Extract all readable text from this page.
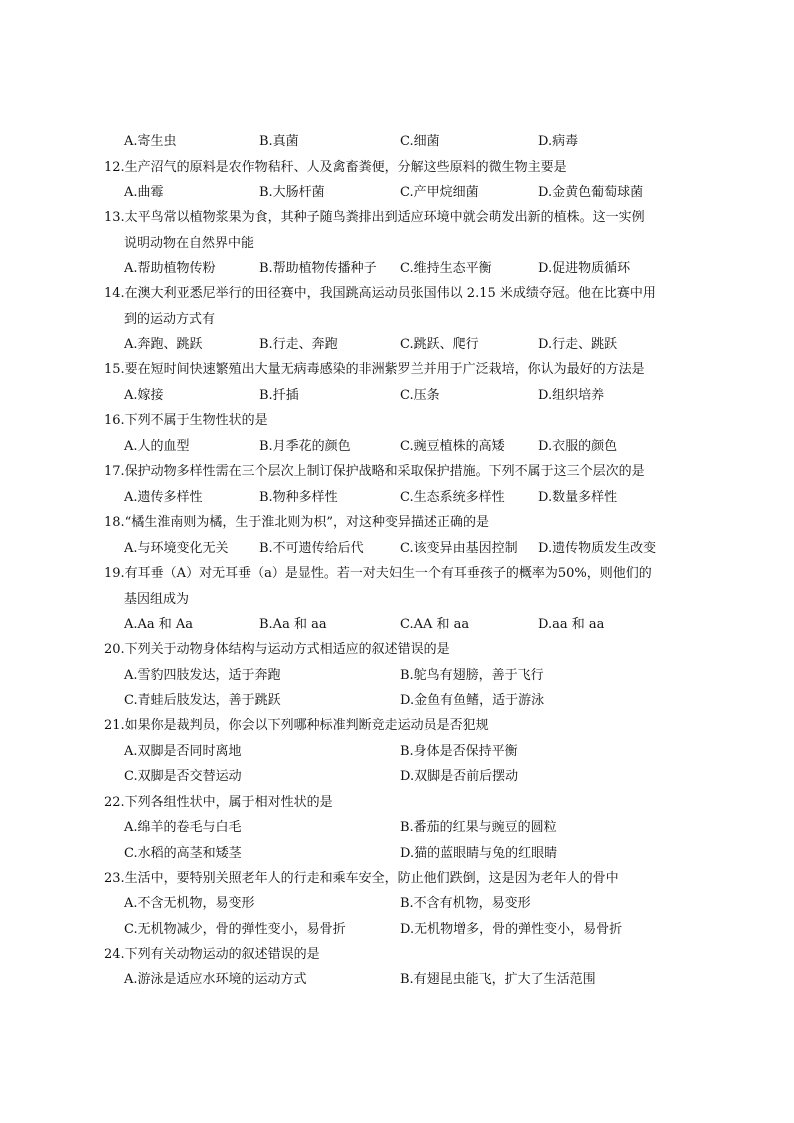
A.寄生虫	B.真菌	C.细菌	D.病毒
12.生产沼气的原料是农作物秸秆、人及禽畜粪便，分解这些原料的微生物主要是
A.曲霉	B.大肠杆菌	C.产甲烷细菌	D.金黄色葡萄球菌
13.太平鸟常以植物浆果为食，其种子随鸟粪排出到适应环境中就会萌发出新的植株。这一实例
说明动物在自然界中能
A.帮助植物传粉	B.帮助植物传播种子 C.维持生态平衡	D.促进物质循环
14.在澳大利亚悉尼举行的田径赛中，我国跳高运动员张国伟以 2.15 米成绩夺冠。他在比赛中用
到的运动方式有
A.奔跑、跳跃	B.行走、奔跑	C.跳跃、爬行	D.行走、跳跃
15.要在短时间快速繁殖出大量无病毒感染的非洲紫罗兰并用于广泛栽培，你认为最好的方法是
A.嫁接	B.扦插	C.压条	D.组织培养
16.下列不属于生物性状的是
A.人的血型	B.月季花的颜色	C.豌豆植株的高矮	D.衣服的颜色
17.保护动物多样性需在三个层次上制订保护战略和采取保护措施。下列不属于这三个层次的是
A.遗传多样性	B.物种多样性	C.生态系统多样性	D.数量多样性
18.“橘生淮南则为橘，生于淮北则为枳”，对这种变异描述正确的是
A.与环境变化无关 B.不可遗传给后代	C.该变异由基因控制 D.遗传物质发生改变
19.有耳垂（A）对无耳垂（a）是显性。若一对夫妇生一个有耳垂孩子的概率为50%，则他们的
基因组成为
A.Aa 和 Aa	B.Aa 和 aa	C.AA 和 aa	D.aa 和 aa
20.下列关于动物身体结构与运动方式相适应的叙述错误的是
A.雪豹四肢发达，适于奔跑	B.鸵鸟有翅膀，善于飞行
C.青蛙后肢发达，善于跳跃	D.金鱼有鱼鳍，适于游泳
21.如果你是裁判员，你会以下列哪种标准判断竞走运动员是否犯规
A.双脚是否同时离地	B.身体是否保持平衡
C.双脚是否交替运动	D.双脚是否前后摆动
22.下列各组性状中，属于相对性状的是
A.绵羊的卷毛与白毛	B.番茄的红果与豌豆的圆粒
C.水稻的高茎和矮茎	D.猫的蓝眼睛与兔的红眼睛
23.生活中，要特别关照老年人的行走和乘车安全，防止他们跌倒，这是因为老年人的骨中
A.不含无机物，易变形	B.不含有机物，易变形
C.无机物减少，骨的弹性变小，易骨折	D.无机物增多，骨的弹性变小，易骨折
24.下列有关动物运动的叙述错误的是
A.游泳是适应水环境的运动方式	B.有翅昆虫能飞，扩大了生活范围
